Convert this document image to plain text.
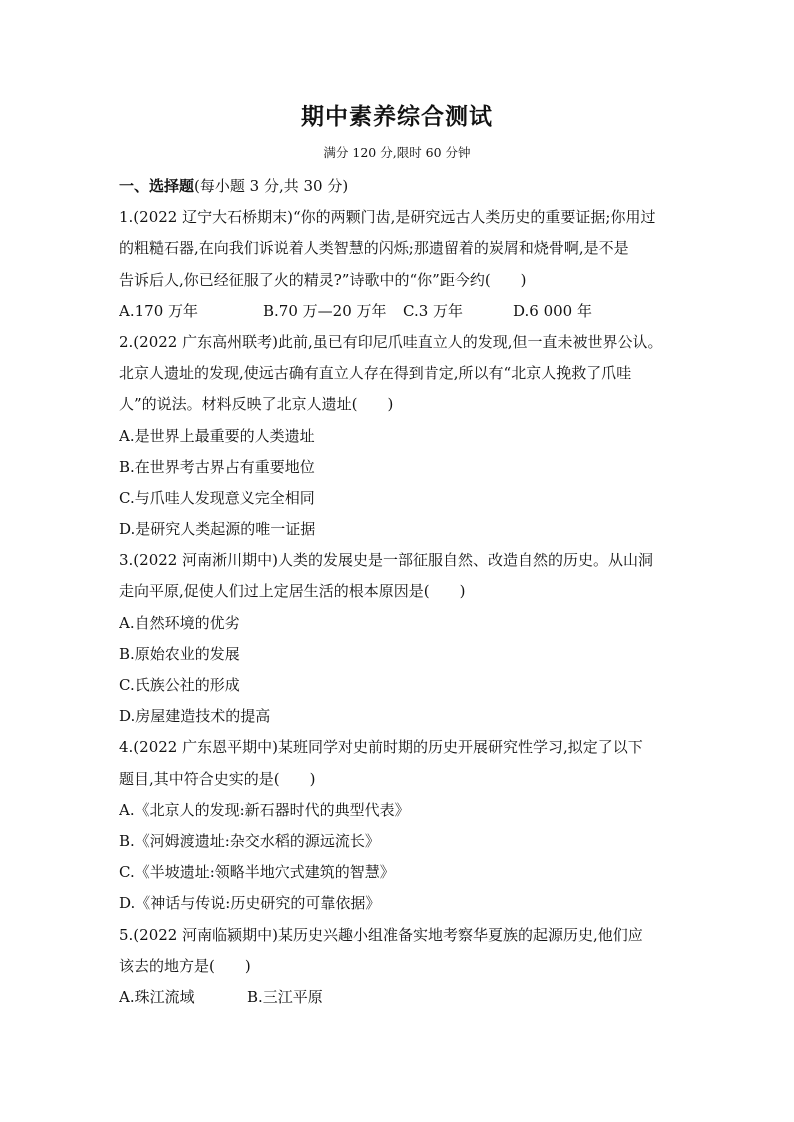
期中素养综合测试
满分 120 分,限时 60 分钟
一、选择题(每小题 3 分,共 30 分)
1.(2022 辽宁大石桥期末)“你的两颗门齿,是研究远古人类历史的重要证据;你用过
的粗糙石器,在向我们诉说着人类智慧的闪烁;那遗留着的炭屑和烧骨啊,是不是
告诉后人,你已经征服了火的精灵?”诗歌中的“你”距今约(　　)
A.170 万年	B.70 万—20 万年 C.3 万年	D.6 000 年
2.(2022 广东高州联考)此前,虽已有印尼爪哇直立人的发现,但一直未被世界公认。
北京人遗址的发现,使远古确有直立人存在得到肯定,所以有“北京人挽救了爪哇
人”的说法。材料反映了北京人遗址(　　)
A.是世界上最重要的人类遗址
B.在世界考古界占有重要地位
C.与爪哇人发现意义完全相同
D.是研究人类起源的唯一证据
3.(2022 河南淅川期中)人类的发展史是一部征服自然、改造自然的历史。从山洞
走向平原,促使人们过上定居生活的根本原因是(　　)
A.自然环境的优劣
B.原始农业的发展
C.氏族公社的形成
D.房屋建造技术的提高
4.(2022 广东恩平期中)某班同学对史前时期的历史开展研究性学习,拟定了以下
题目,其中符合史实的是(　　)
A.《北京人的发现:新石器时代的典型代表》
B.《河姆渡遗址:杂交水稻的源远流长》
C.《半坡遗址:领略半地穴式建筑的智慧》
D.《神话与传说:历史研究的可靠依据》
5.(2022 河南临颍期中)某历史兴趣小组准备实地考察华夏族的起源历史,他们应
该去的地方是(　　)
A.珠江流域	B.三江平原
